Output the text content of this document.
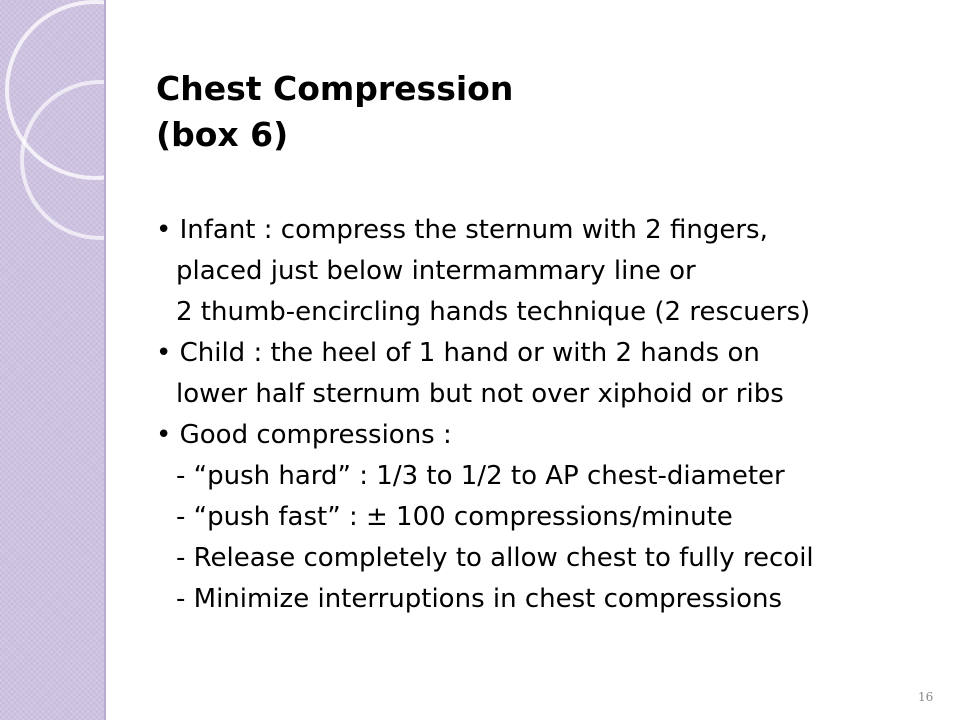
Chest Compression
(box 6)
• Infant : compress the sternum with 2 fingers,
placed just below intermammary line or
2 thumb-encircling hands technique (2 rescuers)
• Child : the heel of 1 hand or with 2 hands on
lower half sternum but not over xiphoid or ribs
• Good compressions :
- “push hard” : 1/3 to 1/2 to AP chest-diameter
- “push fast” : ± 100 compressions/minute
- Release completely to allow chest to fully recoil
- Minimize interruptions in chest compressions
16
